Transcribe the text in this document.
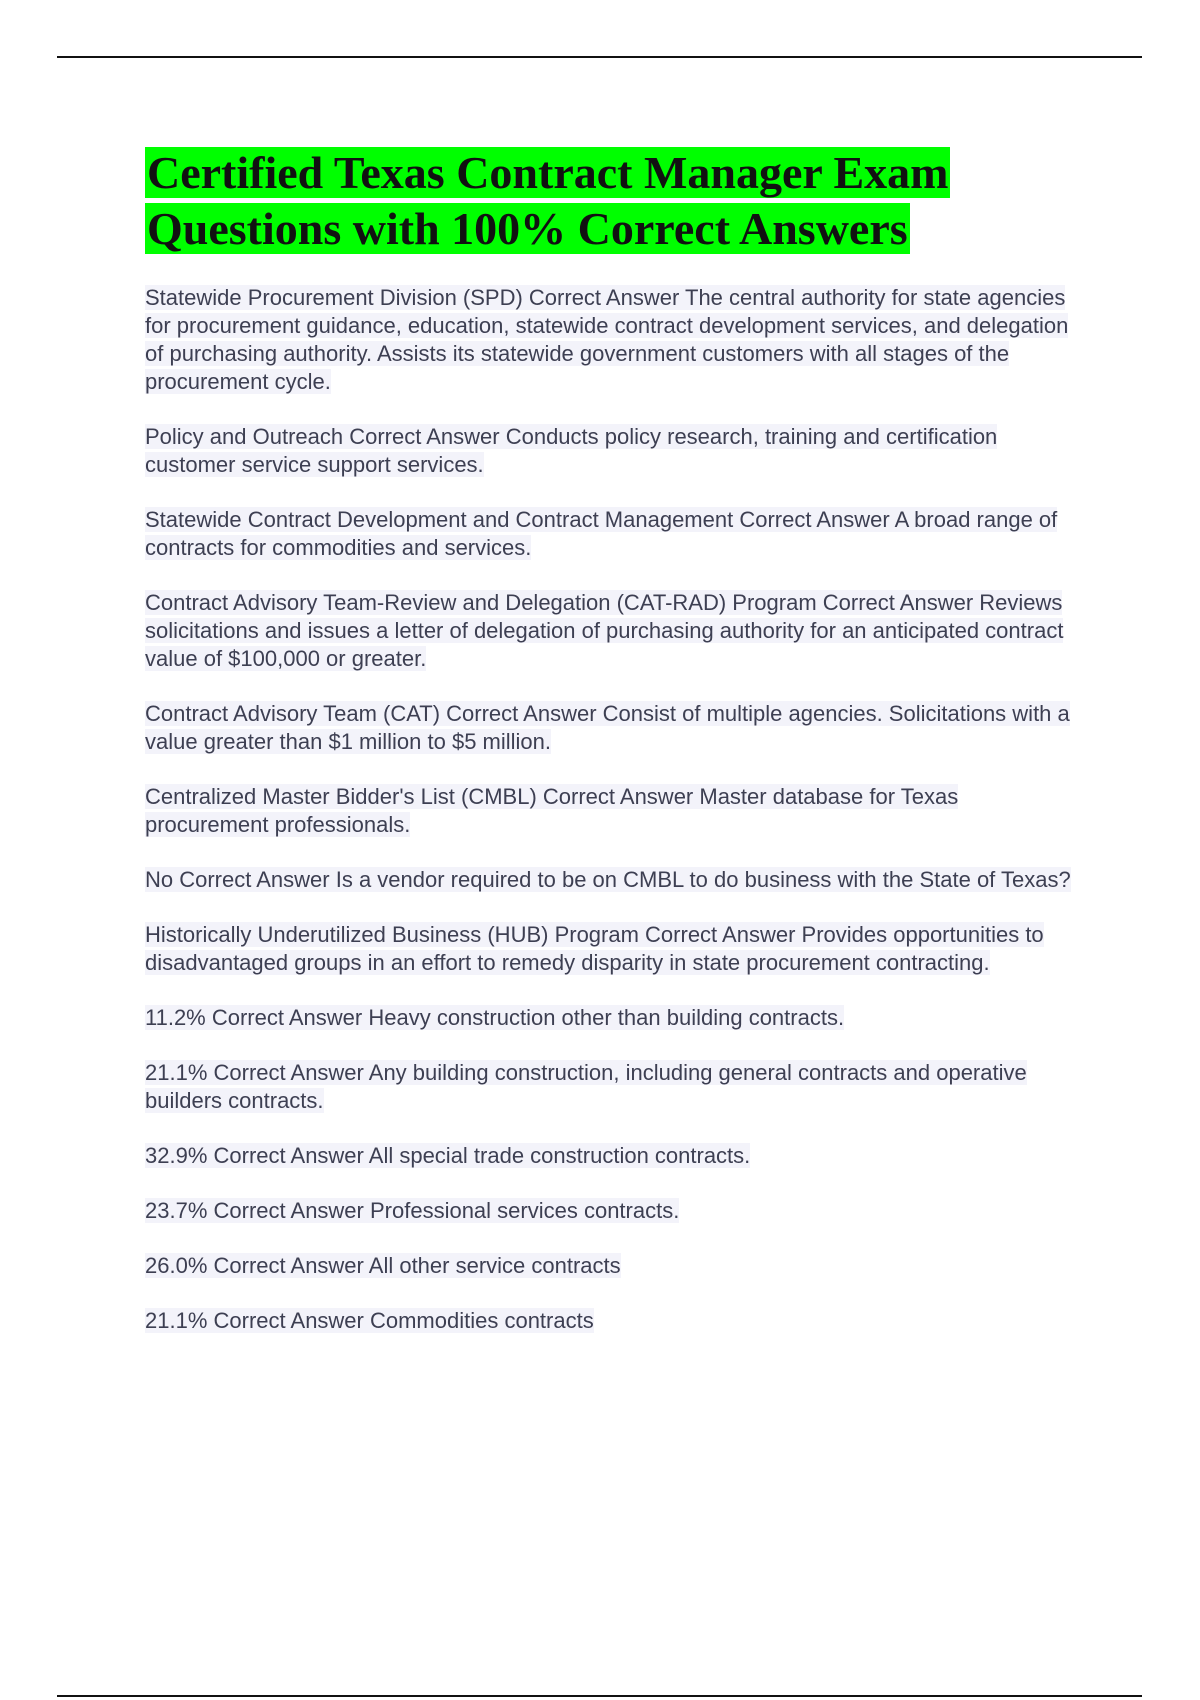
Certified Texas Contract Manager Exam
Questions with 100% Correct Answers
Statewide Procurement Division (SPD) Correct Answer The central authority for state agencies for procurement guidance, education, statewide contract development services, and delegation of purchasing authority. Assists its statewide government customers with all stages of the procurement cycle.
Policy and Outreach Correct Answer Conducts policy research, training and certification customer service support services.
Statewide Contract Development and Contract Management Correct Answer A broad range of contracts for commodities and services.
Contract Advisory Team-Review and Delegation (CAT-RAD) Program Correct Answer Reviews solicitations and issues a letter of delegation of purchasing authority for an anticipated contract value of $100,000 or greater.
Contract Advisory Team (CAT) Correct Answer Consist of multiple agencies. Solicitations with a value greater than $1 million to $5 million.
Centralized Master Bidder's List (CMBL) Correct Answer Master database for Texas procurement professionals.
No Correct Answer Is a vendor required to be on CMBL to do business with the State of Texas?
Historically Underutilized Business (HUB) Program Correct Answer Provides opportunities to disadvantaged groups in an effort to remedy disparity in state procurement contracting.
11.2% Correct Answer Heavy construction other than building contracts.
21.1% Correct Answer Any building construction, including general contracts and operative builders contracts.
32.9% Correct Answer All special trade construction contracts.
23.7% Correct Answer Professional services contracts.
26.0% Correct Answer All other service contracts
21.1% Correct Answer Commodities contracts
